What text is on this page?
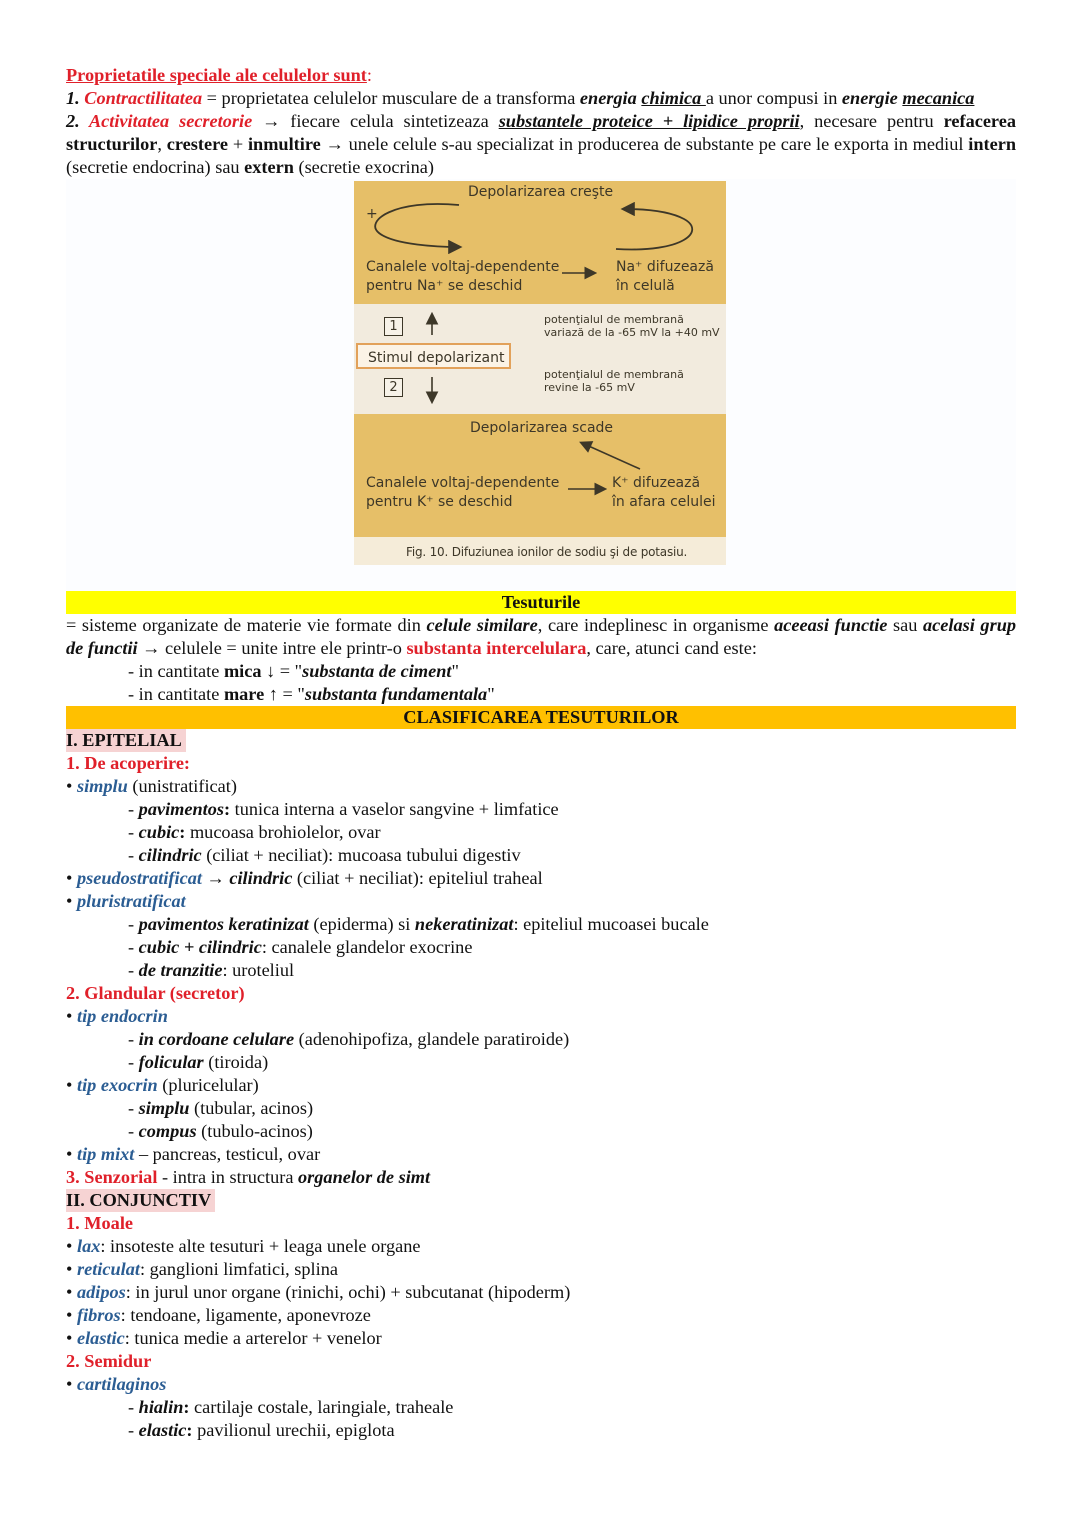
Proprietatile speciale ale celulelor sunt:
1. Contractilitatea = proprietatea celulelor musculare de a transforma energia chimica a unor compusi in energie mecanica
2. Activitatea secretorie → fiecare celula sintetizeaza substantele proteice + lipidice proprii, necesare pentru refacerea structurilor, crestere + inmultire → unele celule s-au specializat in producerea de substante pe care le exporta in mediul intern (secretie endocrina) sau extern (secretie exocrina)
Depolarizarea creşte
+
Canalele voltaj-dependente
pentru Na⁺ se deschid
Na⁺ difuzează
în celulă
1	potenţialul de membrană
variază de la -65 mV la +40 mV
Stimul depolarizant
2
potenţialul de membrană
revine la -65 mV
Depolarizarea scade
Canalele voltaj-dependente
pentru K⁺ se deschid
K⁺ difuzează
în afara celulei
Fig. 10. Difuziunea ionilor de sodiu şi de potasiu.
Tesuturile
= sisteme organizate de materie vie formate din celule similare, care indeplinesc in organisme aceeasi functie sau acelasi grup de functii → celulele = unite intre ele printr-o substanta intercelulara, care, atunci cand este:
- in cantitate mica ↓ = "substanta de ciment"
- in cantitate mare ↑ = "substanta fundamentala"
CLASIFICAREA TESUTURILOR
I. EPITELIAL
1. De acoperire:
• simplu (unistratificat)
- pavimentos: tunica interna a vaselor sangvine + limfatice
- cubic: mucoasa brohiolelor, ovar
- cilindric (ciliat + neciliat): mucoasa tubului digestiv
• pseudostratificat → cilindric (ciliat + neciliat): epiteliul traheal
• pluristratificat
- pavimentos keratinizat (epiderma) si nekeratinizat: epiteliul mucoasei bucale
- cubic + cilindric: canalele glandelor exocrine
- de tranzitie: uroteliul
2. Glandular (secretor)
• tip endocrin
- in cordoane celulare (adenohipofiza, glandele paratiroide)
- folicular (tiroida)
• tip exocrin (pluricelular)
- simplu (tubular, acinos)
- compus (tubulo-acinos)
• tip mixt – pancreas, testicul, ovar
3. Senzorial - intra in structura organelor de simt
II. CONJUNCTIV
1. Moale
• lax: insoteste alte tesuturi + leaga unele organe
• reticulat: ganglioni limfatici, splina
• adipos: in jurul unor organe (rinichi, ochi) + subcutanat (hipoderm)
• fibros: tendoane, ligamente, aponevroze
• elastic: tunica medie a arterelor + venelor
2. Semidur
• cartilaginos
- hialin: cartilaje costale, laringiale, traheale
- elastic: pavilionul urechii, epiglota
